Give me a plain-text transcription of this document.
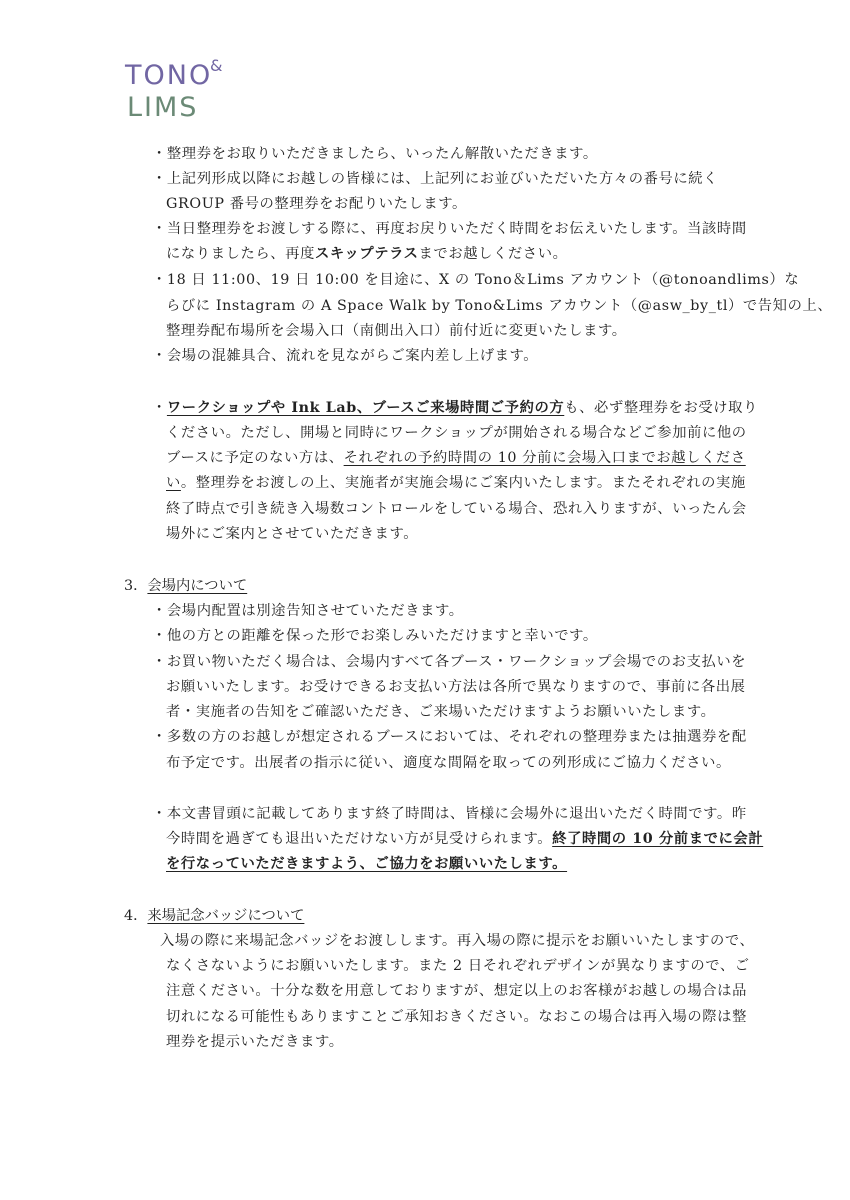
TONO
&
LIMS
・整理券をお取りいただきましたら、いったん解散いただきます。
・上記列形成以降にお越しの皆様には、上記列にお並びいただいた方々の番号に続く
GROUP 番号の整理券をお配りいたします。
・当日整理券をお渡しする際に、再度お戻りいただく時間をお伝えいたします。当該時間
になりましたら、再度スキップテラスまでお越しください。
・18 日 11:00、19 日 10:00 を目途に、X の Tono＆Lims アカウント（@tonoandlims）な
らびに Instagram の A Space Walk by Tono&Lims アカウント（@asw_by_tl）で告知の上、
整理券配布場所を会場入口（南側出入口）前付近に変更いたします。
・会場の混雑具合、流れを見ながらご案内差し上げます。
・ワークショップや Ink Lab、ブースご来場時間ご予約の方も、必ず整理券をお受け取り
ください。ただし、開場と同時にワークショップが開始される場合などご参加前に他の
ブースに予定のない方は、それぞれの予約時間の 10 分前に会場入口までお越しくださ
い。整理券をお渡しの上、実施者が実施会場にご案内いたします。またそれぞれの実施
終了時点で引き続き入場数コントロールをしている場合、恐れ入りますが、いったん会
場外にご案内とさせていただきます。
3．会場内について
・会場内配置は別途告知させていただきます。
・他の方との距離を保った形でお楽しみいただけますと幸いです。
・お買い物いただく場合は、会場内すべて各ブース・ワークショップ会場でのお支払いを
お願いいたします。お受けできるお支払い方法は各所で異なりますので、事前に各出展
者・実施者の告知をご確認いただき、ご来場いただけますようお願いいたします。
・多数の方のお越しが想定されるブースにおいては、それぞれの整理券または抽選券を配
布予定です。出展者の指示に従い、適度な間隔を取っての列形成にご協力ください。
・本文書冒頭に記載してあります終了時間は、皆様に会場外に退出いただく時間です。昨
今時間を過ぎても退出いただけない方が見受けられます。終了時間の 10 分前までに会計
を行なっていただきますよう、ご協力をお願いいたします。
4．来場記念バッジについて
入場の際に来場記念バッジをお渡しします。再入場の際に提示をお願いいたしますので、
なくさないようにお願いいたします。また 2 日それぞれデザインが異なりますので、ご
注意ください。十分な数を用意しておりますが、想定以上のお客様がお越しの場合は品
切れになる可能性もありますことご承知おきください。なおこの場合は再入場の際は整
理券を提示いただきます。
